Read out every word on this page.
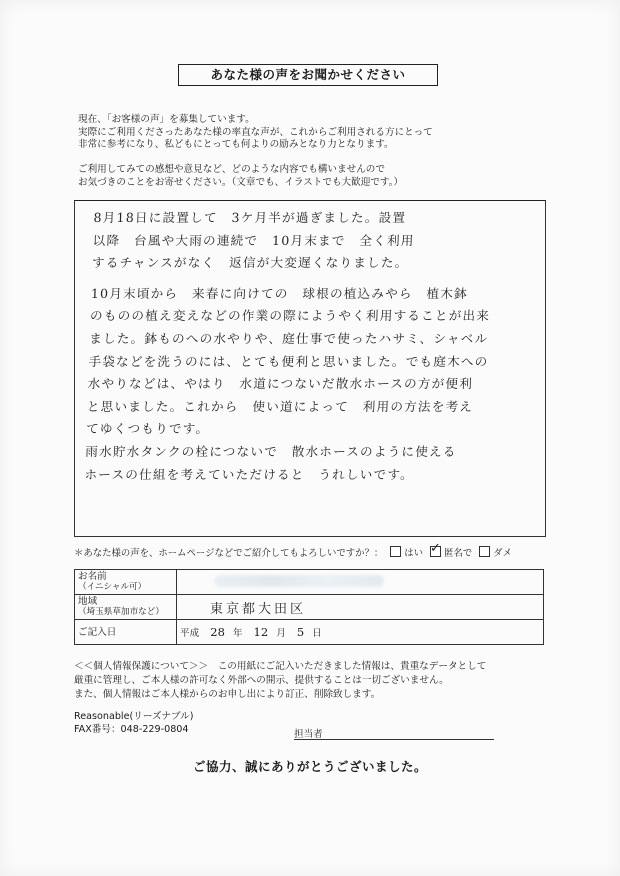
あなた様の声をお聞かせください

現在、「お客様の声」を募集しています。

実際にご利用くださったあなた様の率直な声が、これからご利用される方にとって

非常に参考になり、私どもにとっても何よりの励みとなり力となります。

ご利用してみての感想や意見など、どのような内容でも構いませんので

お気づきのことをお寄せください。（文章でも、イラストでも大歓迎です。）

8月18日に設置して　3ケ月半が過ぎました。設置

以降　台風や大雨の連続で　10月末まで　全く利用

するチャンスがなく　返信が大変遅くなりました。

10月末頃から　来春に向けての　球根の植込みやら　植木鉢

のものの植え変えなどの作業の際にようやく利用することが出来

ました。鉢ものへの水やりや、庭仕事で使ったハサミ、シャベル

手袋などを洗うのには、とても便利と思いました。でも庭木への

水やりなどは、やはり　水道につないだ散水ホースの方が便利

と思いました。これから　使い道によって　利用の方法を考え

てゆくつもりです。

雨水貯水タンクの栓につないで　散水ホースのように使える

ホースの仕組を考えていただけると　うれしいです。

＊あなた様の声を、ホームページなどでご紹介してもよろしいですか？： はい ✓ 匿名で ダメ
お名前
（イニシャル可）	

地域
（埼玉県草加市など）	東京都大田区
ご記入日	平成 28 年 12 月 5 日

＜＜個人情報保護について＞＞　この用紙にご記入いただきました情報は、貴重なデータとして

厳重に管理し、ご本人様の許可なく外部への開示、提供することは一切ございません。

また、個人情報はご本人様からのお申し出により訂正、削除致します。

Reasonable(リーズナブル)

FAX番号：048-229-0804	担当者
ご協力、誠にありがとうございました。
